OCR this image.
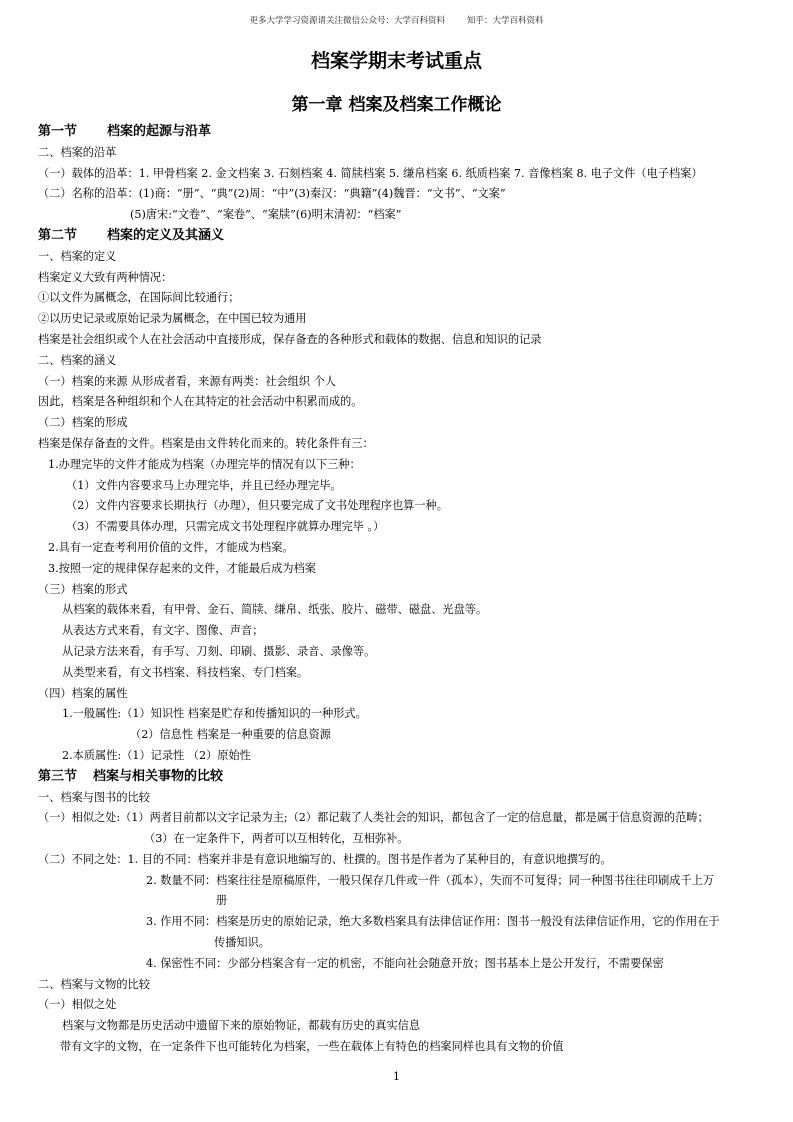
更多大学学习资源请关注微信公众号：大学百科资料	知乎：大学百科资料
档案学期末考试重点
第一章 档案及档案工作概论
第一节 档案的起源与沿革
二、档案的沿革
（一）载体的沿革：1. 甲骨档案 2. 金文档案 3. 石刻档案 4. 简牍档案 5. 缣帛档案 6. 纸质档案 7. 音像档案 8. 电子文件（电子档案）
（二）名称的沿革：(1)商：“册”、“典”(2)周：“中”(3)秦汉：“典籍”(4)魏晋：“文书”、“文案”
(5)唐宋:“文卷”、“案卷”、“案牍”(6)明末清初：“档案”
第二节 档案的定义及其涵义
一、档案的定义
档案定义大致有两种情况：
①以文件为属概念，在国际间比较通行；
②以历史记录或原始记录为属概念，在中国已较为通用
档案是社会组织或个人在社会活动中直接形成，保存备查的各种形式和载体的数据、信息和知识的记录
二、档案的涵义
（一）档案的来源 从形成者看，来源有两类：社会组织 个人
因此，档案是各种组织和个人在其特定的社会活动中积累而成的。
（二）档案的形成
档案是保存备查的文件。档案是由文件转化而来的。转化条件有三：
1.办理完毕的文件才能成为档案（办理完毕的情况有以下三种：
（1）文件内容要求马上办理完毕，并且已经办理完毕。
（2）文件内容要求长期执行（办理），但只要完成了文书处理程序也算一种。
（3）不需要具体办理，只需完成文书处理程序就算办理完毕 。）
2.具有一定查考利用价值的文件，才能成为档案。
3.按照一定的规律保存起来的文件，才能最后成为档案
（三）档案的形式
从档案的载体来看，有甲骨、金石、简牍、缣帛、纸张、胶片、磁带、磁盘、光盘等。
从表达方式来看，有文字、图像、声音；
从记录方法来看，有手写、刀刻、印刷、摄影、录音、录像等。
从类型来看，有文书档案、科技档案、专门档案。
（四）档案的属性
1.一般属性:（1）知识性 档案是贮存和传播知识的一种形式。
（2）信息性 档案是一种重要的信息资源
2.本质属性:（1）记录性 （2）原始性
第三节 档案与相关事物的比较
一、档案与图书的比较
（一）相似之处:（1）两者目前都以文字记录为主;（2）都记载了人类社会的知识，都包含了一定的信息量，都是属于信息资源的范畴；
（3）在一定条件下，两者可以互相转化，互相弥补。
（二）不同之处：1. 目的不同：档案并非是有意识地编写的、杜撰的。图书是作者为了某种目的，有意识地撰写的。
2. 数量不同：档案往往是原稿原件，一般只保存几件或一件（孤本），失而不可复得；同一种图书往往印刷成千上万
册
3. 作用不同：档案是历史的原始记录，绝大多数档案具有法律信证作用：图书一般没有法律信证作用，它的作用在于
传播知识。
4. 保密性不同：少部分档案含有一定的机密，不能向社会随意开放；图书基本上是公开发行，不需要保密
二、档案与文物的比较
（一）相似之处
档案与文物都是历史活动中遗留下来的原始物证，都载有历史的真实信息
带有文字的文物，在一定条件下也可能转化为档案，一些在载体上有特色的档案同样也具有文物的价值
1
